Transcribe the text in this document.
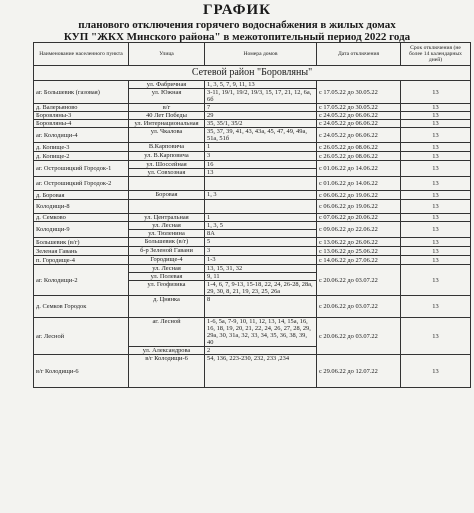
ГРАФИК
планового отключения горячего водоснабжения в жилых домах
КУП "ЖКХ Минского района" в межотопительный период 2022 года
Наименование населенного пункта	Улица	Номера домов	Дата отключения	Срок отключения (не более 14 календарных дней)
Сетевой район "Боровляны"				
аг. Большевик (газовая)	ул. Фабричная	1, 3, 5, 7, 9, 11, 13	с 17.05.22 до 30.05.22	13
	ул. Южная	3-11, 19/1, 19/2, 19/3, 15, 17, 21, 12, 6а, 6б		
д. Валерьяново	в/г	7	с 17.05.22 до 30.05.22	13
Боровляны-3	40 Лет Победы	29	с 24.05.22 до 06.06.22	13
Боровляны-4	ул. Интернациональная	35, 35/1, 35/2	с 24.05.22 до 06.06.22	13
аг. Колодищи-4	ул. Чкалова	35, 37, 39, 41, 43, 43а, 45, 47, 49, 49а, 51а, 51б	с 24.05.22 до 06.06.22	13
д. Копище-3	В.Карповича	1	с 26.05.22 до 08.06.22	13
д. Копище-2	ул. В.Карповича	3	с 26.05.22 до 08.06.22	13
аг. Острошицкий Городок-1	ул. Шоссейная	16	с 01.06.22 до 14.06.22	13
	ул. Совхозная	13		
аг. Острошицкий Городок-2			с 01.06.22 до 14.06.22	13
д. Боровая	Боровая	1, 3	с 06.06.22 до 19.06.22	13
Колодищи-8			с 06.06.22 до 19.06.22	13
д. Семково	ул. Центральная	1	с 07.06.22 до 20.06.22	13
Колодищи-9	ул. Лесная	1, 3, 5	с 09.06.22 до 22.06.22	13
	ул. Тюленина	8А		
Большевик (в/г)	Большевик (в/г)	5	с 13.06.22 до 26.06.22	13
Зеленая Гавань	б-р Зеленой Гавани	3	с 13.06.22 до 25.06.22	13
п. Городище-4	Городище-4	1-3	с 14.06.22 до 27.06.22	13
аг. Колодищи-2	ул. Лесная	13, 15, 31, 32	с 20.06.22 до 03.07.22	13
	ул. Полевая	9, 11		
	ул. Геофизика	1-4, 6, 7, 9-13, 15-18, 22, 24, 26-28, 28а, 29, 30, 8, 21, 19, 23, 25, 26а		
д. Семков Городок	д. Цнянка	8	с 20.06.22 до 03.07.22	13
аг. Лесной	аг. Лесной	1-6, 5а, 7-9, 10, 11, 12, 13, 14, 15а, 16, 16, 18, 19, 20, 21, 22, 24, 26, 27, 28, 29, 29а, 30, 31а, 32, 33, 34, 35, 36, 38, 39, 40	с 20.06.22 до 03.07.22	13
	ул. Александрова	2		
в/г Колодищи-6	в/г Колодищи-6	54, 136, 223-230, 232, 233 ,234	с 29.06.22 до 12.07.22	13
